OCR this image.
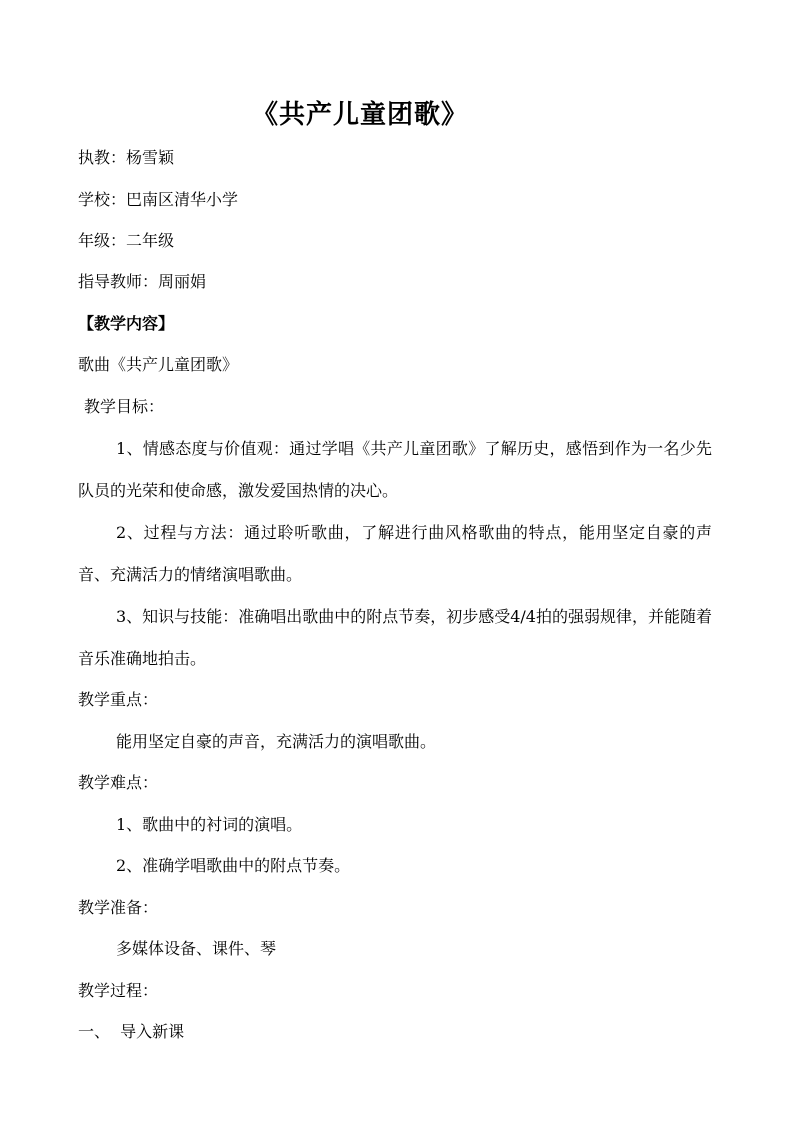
《共产儿童团歌》
执教：杨雪颖
学校：巴南区清华小学
年级：二年级
指导教师：周丽娟
【教学内容】
歌曲《共产儿童团歌》
教学目标：
1、情感态度与价值观：通过学唱《共产儿童团歌》了解历史，感悟到作为一名少先队员的光荣和使命感，激发爱国热情的决心。
2、过程与方法：通过聆听歌曲，了解进行曲风格歌曲的特点，能用坚定自豪的声音、充满活力的情绪演唱歌曲。
3、知识与技能：准确唱出歌曲中的附点节奏，初步感受4/4拍的强弱规律，并能随着音乐准确地拍击。
教学重点：
能用坚定自豪的声音，充满活力的演唱歌曲。
教学难点：
1、歌曲中的衬词的演唱。
2、准确学唱歌曲中的附点节奏。
教学准备：
多媒体设备、课件、琴
教学过程：
一、  导入新课
